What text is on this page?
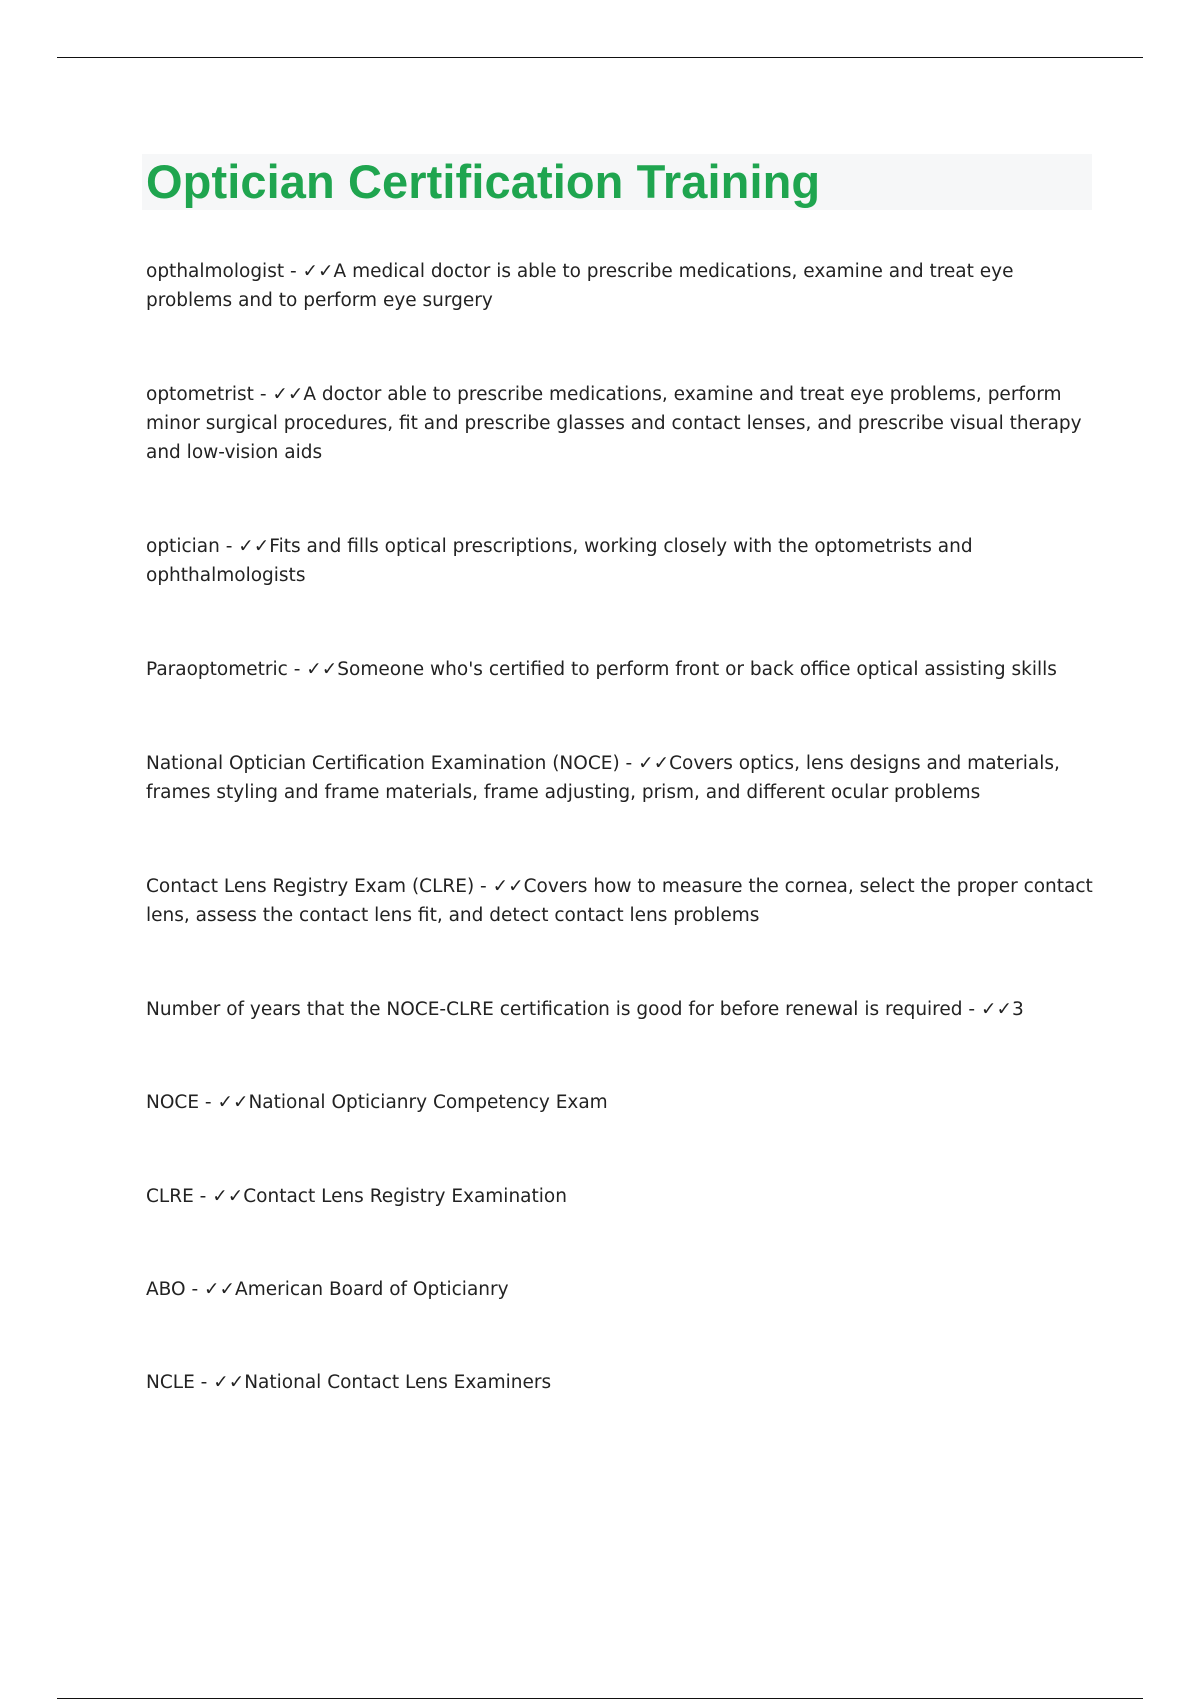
Optician Certification Training
opthalmologist - ✓✓A medical doctor is able to prescribe medications, examine and treat eye problems and to perform eye surgery
optometrist - ✓✓A doctor able to prescribe medications, examine and treat eye problems, perform minor surgical procedures, fit and prescribe glasses and contact lenses, and prescribe visual therapy and low-vision aids
optician - ✓✓Fits and fills optical prescriptions, working closely with the optometrists and ophthalmologists
Paraoptometric - ✓✓Someone who's certified to perform front or back office optical assisting skills
National Optician Certification Examination (NOCE) - ✓✓Covers optics, lens designs and materials, frames styling and frame materials, frame adjusting, prism, and different ocular problems
Contact Lens Registry Exam (CLRE) - ✓✓Covers how to measure the cornea, select the proper contact lens, assess the contact lens fit, and detect contact lens problems
Number of years that the NOCE-CLRE certification is good for before renewal is required - ✓✓3
NOCE - ✓✓National Opticianry Competency Exam
CLRE - ✓✓Contact Lens Registry Examination
ABO - ✓✓American Board of Opticianry
NCLE - ✓✓National Contact Lens Examiners
